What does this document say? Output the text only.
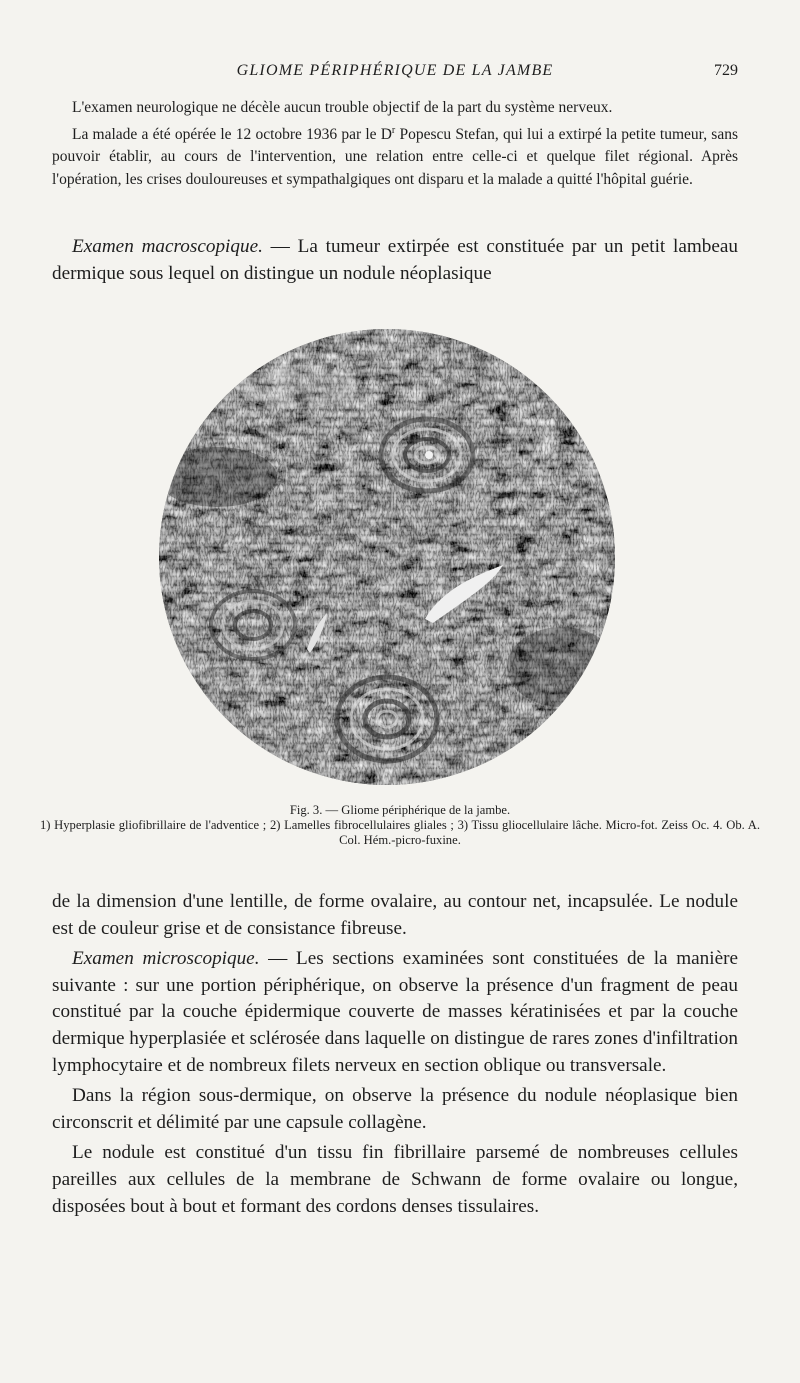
GLIOME PÉRIPHÉRIQUE DE LA JAMBE	729

L'examen neurologique ne décèle aucun trouble objectif de la part du système nerveux.

La malade a été opérée le 12 octobre 1936 par le $D^r$ Popescu Stefan, qui lui a extirpé la petite tumeur, sans pouvoir établir, au cours de l'intervention, une relation entre celle-ci et quelque filet régional. Après l'opération, les crises douloureuses et sympathalgiques ont disparu et la malade a quitté l'hôpital guérie.

Examen macroscopique. — La tumeur extirpée est constituée par un petit lambeau dermique sous lequel on distingue un nodule néoplasique

Fig. 3. — Gliome périphérique de la jambe.
1) Hyperplasie gliofibrillaire de l'adventice ; 2) Lamelles fibrocellulaires gliales ; 3) Tissu gliocellulaire lâche. Micro-fot. Zeiss Oc. 4. Ob. A. Col. Hém.-picro-fuxine.

de la dimension d'une lentille, de forme ovalaire, au contour net, incapsulée. Le nodule est de couleur grise et de consistance fibreuse.

Examen microscopique. — Les sections examinées sont constituées de la manière suivante : sur une portion périphérique, on observe la présence d'un fragment de peau constitué par la couche épidermique couverte de masses kératinisées et par la couche dermique hyperplasiée et sclérosée dans laquelle on distingue de rares zones d'infiltration lymphocytaire et de nombreux filets nerveux en section oblique ou transversale.

Dans la région sous-dermique, on observe la présence du nodule néoplasique bien circonscrit et délimité par une capsule collagène.

Le nodule est constitué d'un tissu fin fibrillaire parsemé de nombreuses cellules pareilles aux cellules de la membrane de Schwann de forme ovalaire ou longue, disposées bout à bout et formant des cordons denses tissulaires.
